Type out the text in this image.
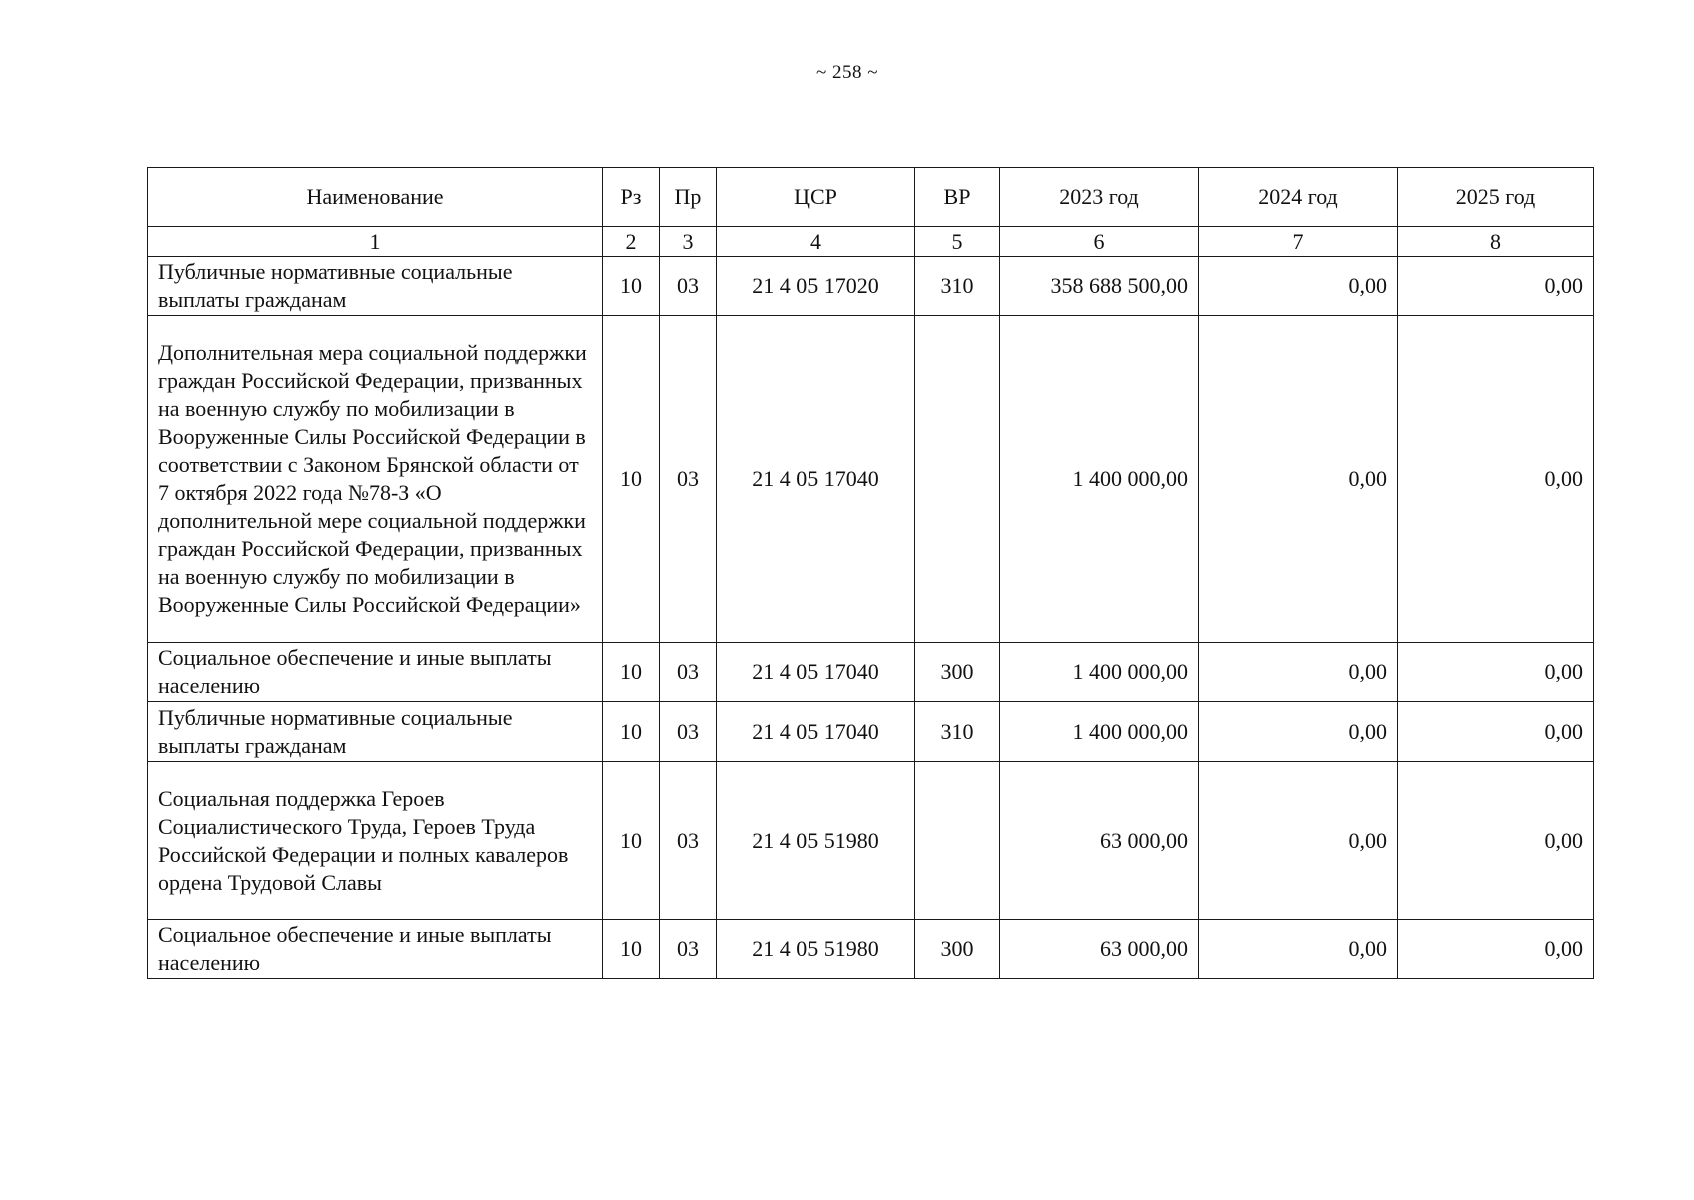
~ 258 ~
Наименование	Рз	Пр	ЦСР	ВР	2023 год	2024 год	2025 год
1	2	3	4	5	6	7	8
Публичные нормативные социальные выплаты гражданам	10	03	21 4 05 17020	310	358 688 500,00	0,00	0,00
Дополнительная мера социальной поддержки граждан Российской Федерации, призванных на военную службу по мобилизации в Вооруженные Силы Российской Федерации в соответствии с Законом Брянской области от 7 октября 2022 года №78-З «О дополнительной мере социальной поддержки граждан Российской Федерации, призванных на военную службу по мобилизации в Вооруженные Силы Российской Федерации»	10	03	21 4 05 17040		1 400 000,00	0,00	0,00
Социальное обеспечение и иные выплаты населению	10	03	21 4 05 17040	300	1 400 000,00	0,00	0,00
Публичные нормативные социальные выплаты гражданам	10	03	21 4 05 17040	310	1 400 000,00	0,00	0,00
Социальная поддержка Героев Социалистического Труда, Героев Труда Российской Федерации и полных кавалеров ордена Трудовой Славы	10	03	21 4 05 51980		63 000,00	0,00	0,00
Социальное обеспечение и иные выплаты населению	10	03	21 4 05 51980	300	63 000,00	0,00	0,00
